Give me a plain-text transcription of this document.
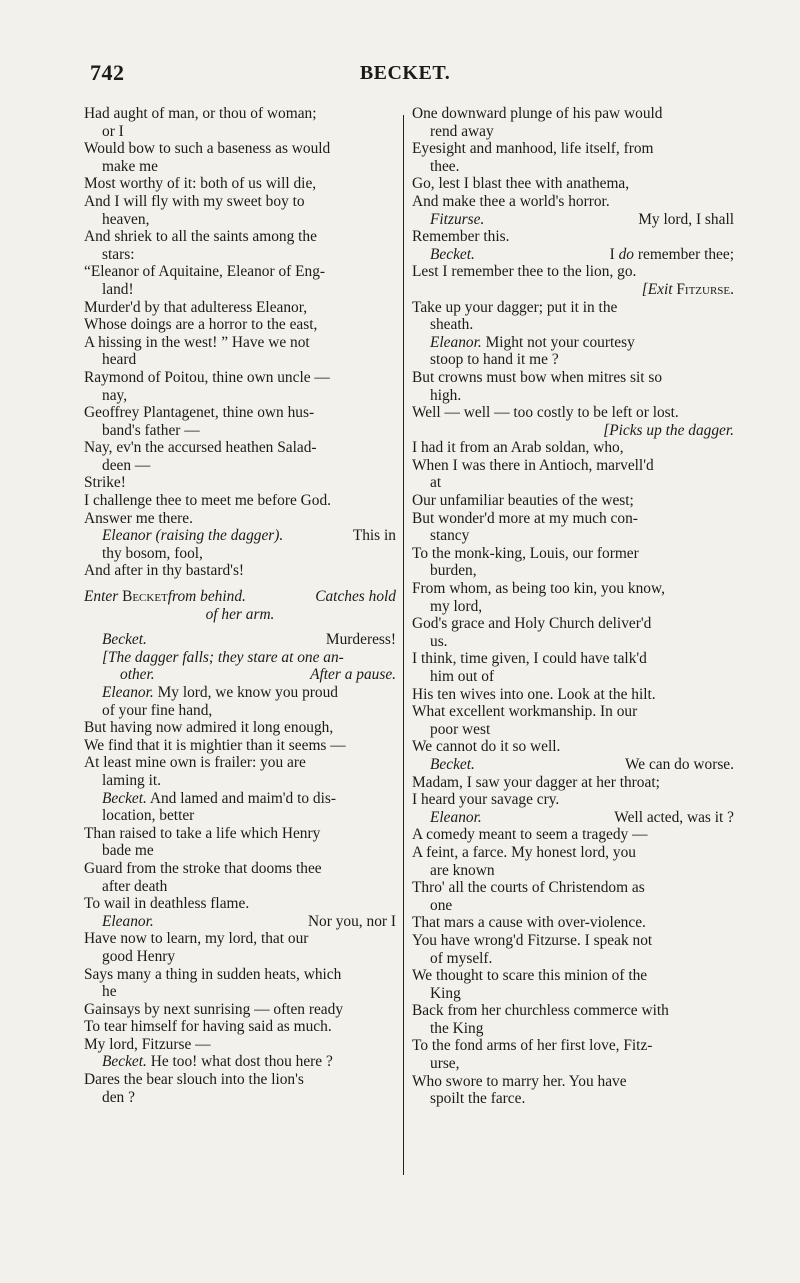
742	BECKET.
Had aught of man, or thou of woman;
or I
Would bow to such a baseness as would
make me
Most worthy of it: both of us will die,
And I will fly with my sweet boy to
heaven,
And shriek to all the saints among the
stars:
“Eleanor of Aquitaine, Eleanor of Eng-
land!
Murder'd by that adulteress Eleanor,
Whose doings are a horror to the east,
A hissing in the west! ” Have we not
heard
Raymond of Poitou, thine own uncle —
nay,
Geoffrey Plantagenet, thine own hus-
band's father —
Nay, ev'n the accursed heathen Salad-
deen —
Strike!
I challenge thee to meet me before God.
Answer me there.
Eleanor (raising the dagger).	This in
thy bosom, fool,
And after in thy bastard's!
Enter Becketfrom behind.	Catches hold
of her arm.
Becket.	Murderess!
[The dagger falls; they stare at one an-
other.	After a pause.
Eleanor. My lord, we know you proud
of your fine hand,
But having now admired it long enough,
We find that it is mightier than it seems —
At least mine own is frailer: you are
laming it.
Becket. And lamed and maim'd to dis-
location, better
Than raised to take a life which Henry
bade me
Guard from the stroke that dooms thee
after death
To wail in deathless flame.
Eleanor.	Nor you, nor I
Have now to learn, my lord, that our
good Henry
Says many a thing in sudden heats, which
he
Gainsays by next sunrising — often ready
To tear himself for having said as much.
My lord, Fitzurse —
Becket. He too! what dost thou here ?
Dares the bear slouch into the lion's
den ?
One downward plunge of his paw would
rend away
Eyesight and manhood, life itself, from
thee.
Go, lest I blast thee with anathema,
And make thee a world's horror.
Fitzurse.	My lord, I shall
Remember this.
Becket.	I do remember thee;
Lest I remember thee to the lion, go.
[Exit Fitzurse.
Take up your dagger; put it in the
sheath.
Eleanor. Might not your courtesy
stoop to hand it me ?
But crowns must bow when mitres sit so
high.
Well — well — too costly to be left or lost.
[Picks up the dagger.
I had it from an Arab soldan, who,
When I was there in Antioch, marvell'd
at
Our unfamiliar beauties of the west;
But wonder'd more at my much con-
stancy
To the monk-king, Louis, our former
burden,
From whom, as being too kin, you know,
my lord,
God's grace and Holy Church deliver'd
us.
I think, time given, I could have talk'd
him out of
His ten wives into one. Look at the hilt.
What excellent workmanship. In our
poor west
We cannot do it so well.
Becket.	We can do worse.
Madam, I saw your dagger at her throat;
I heard your savage cry.
Eleanor.	Well acted, was it ?
A comedy meant to seem a tragedy —
A feint, a farce. My honest lord, you
are known
Thro' all the courts of Christendom as
one
That mars a cause with over-violence.
You have wrong'd Fitzurse. I speak not
of myself.
We thought to scare this minion of the
King
Back from her churchless commerce with
the King
To the fond arms of her first love, Fitz-
urse,
Who swore to marry her. You have
spoilt the farce.
